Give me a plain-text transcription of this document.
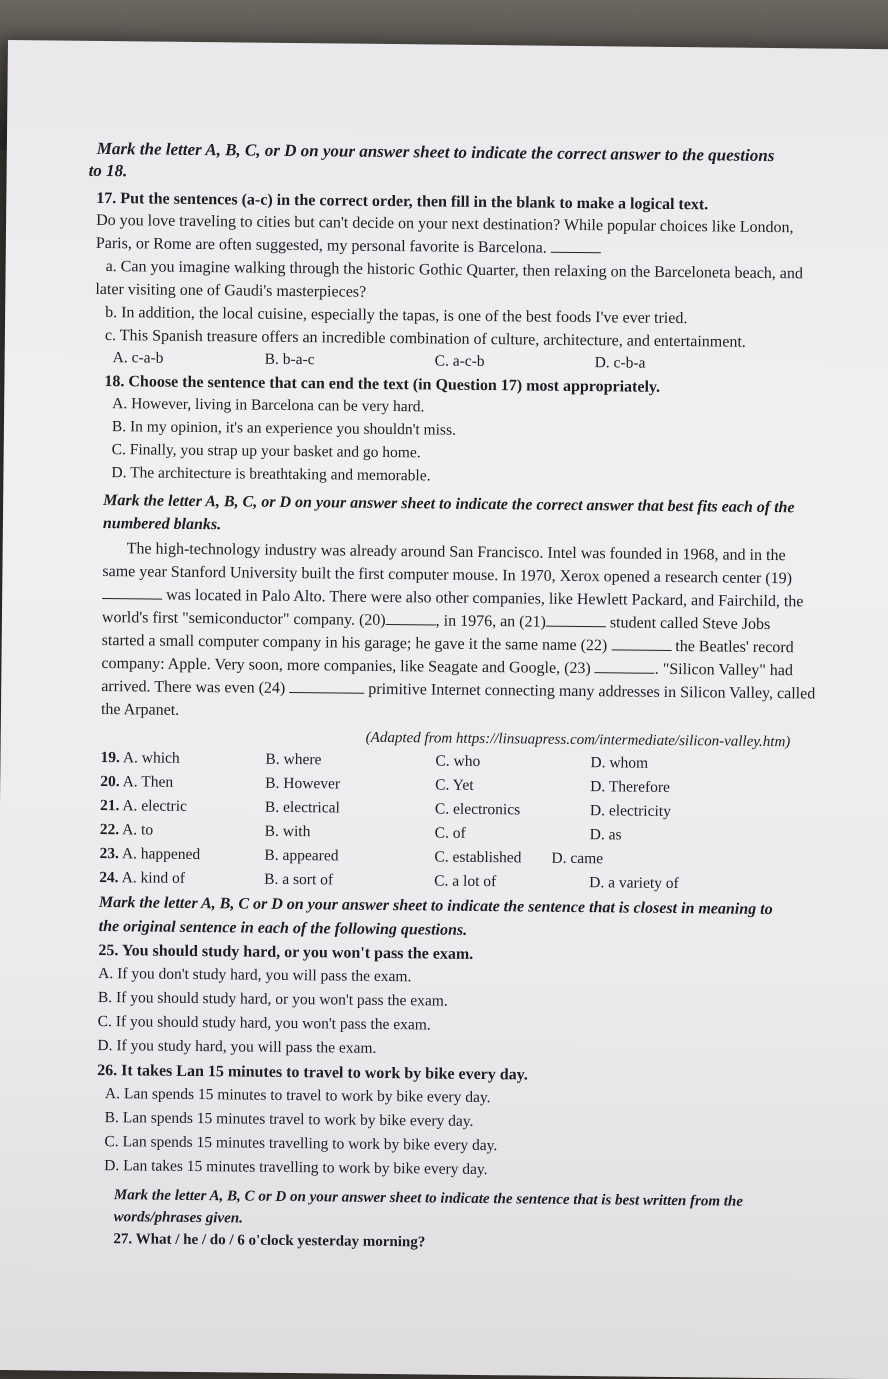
Mark the letter A, B, C, or D on your answer sheet to indicate the correct answer to the questions
to 18.
17. Put the sentences (a-c) in the correct order, then fill in the blank to make a logical text.
Do you love traveling to cities but can't decide on your next destination? While popular choices like London,
Paris, or Rome are often suggested, my personal favorite is Barcelona.
a. Can you imagine walking through the historic Gothic Quarter, then relaxing on the Barceloneta beach, and
later visiting one of Gaudi's masterpieces?
b. In addition, the local cuisine, especially the tapas, is one of the best foods I've ever tried.
c. This Spanish treasure offers an incredible combination of culture, architecture, and entertainment.
A. c-a-b	B. b-a-c	C. a-c-b	D. c-b-a
18. Choose the sentence that can end the text (in Question 17) most appropriately.
A. However, living in Barcelona can be very hard.
B. In my opinion, it's an experience you shouldn't miss.
C. Finally, you strap up your basket and go home.
D. The architecture is breathtaking and memorable.
Mark the letter A, B, C, or D on your answer sheet to indicate the correct answer that best fits each of the
numbered blanks.
The high-technology industry was already around San Francisco. Intel was founded in 1968, and in the
same year Stanford University built the first computer mouse. In 1970, Xerox opened a research center (19)
was located in Palo Alto. There were also other companies, like Hewlett Packard, and Fairchild, the
world's first "semiconductor" company. (20)	, in 1976, an (21)	student called Steve Jobs
started a small computer company in his garage; he gave it the same name (22)	the Beatles' record
company: Apple. Very soon, more companies, like Seagate and Google, (23)	. "Silicon Valley" had
arrived. There was even (24)	primitive Internet connecting many addresses in Silicon Valley, called
the Arpanet.
(Adapted from https://linsuapress.com/intermediate/silicon-valley.htm)
19. A. which	B. where	C. who	D. whom
20. A. Then	B. However	C. Yet	D. Therefore
21. A. electric	B. electrical	C. electronics	D. electricity
22. A. to	B. with	C. of	D. as
23. A. happened	B. appeared	C. established D. came
24. A. kind of	B. a sort of	C. a lot of	D. a variety of
Mark the letter A, B, C or D on your answer sheet to indicate the sentence that is closest in meaning to
the original sentence in each of the following questions.
25. You should study hard, or you won't pass the exam.
A. If you don't study hard, you will pass the exam.
B. If you should study hard, or you won't pass the exam.
C. If you should study hard, you won't pass the exam.
D. If you study hard, you will pass the exam.
26. It takes Lan 15 minutes to travel to work by bike every day.
A. Lan spends 15 minutes to travel to work by bike every day.
B. Lan spends 15 minutes travel to work by bike every day.
C. Lan spends 15 minutes travelling to work by bike every day.
D. Lan takes 15 minutes travelling to work by bike every day.
Mark the letter A, B, C or D on your answer sheet to indicate the sentence that is best written from the
words/phrases given.
27. What / he / do / 6 o'clock yesterday morning?
